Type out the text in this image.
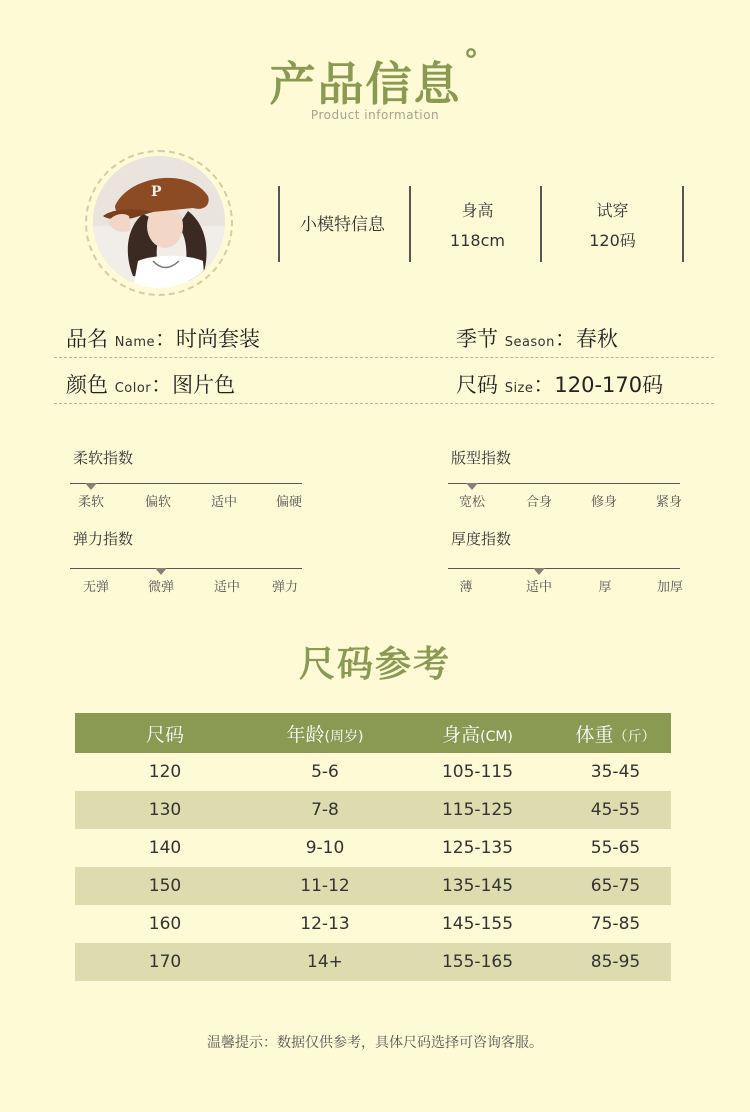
产品信息°
Product information
P
小模特信息
身高
118cm
试穿
120码
品名 Name：时尚套装	季节 Season：春秋
颜色 Color：图片色	尺码 Size：120-170码
柔软指数
柔软	偏软	适中	偏硬
版型指数
宽松	合身	修身	紧身
弹力指数
无弹	微弹	适中 弹力
厚度指数
薄	适中	厚	加厚
尺码参考
尺码	年龄(周岁)	身高(CM)	体重（斤）
120	5-6	105-115	35-45
130	7-8	115-125	45-55
140	9-10	125-135	55-65
150	11-12	135-145	65-75
160	12-13	145-155	75-85
170	14+	155-165	85-95
温馨提示：数据仅供参考，具体尺码选择可咨询客服。
